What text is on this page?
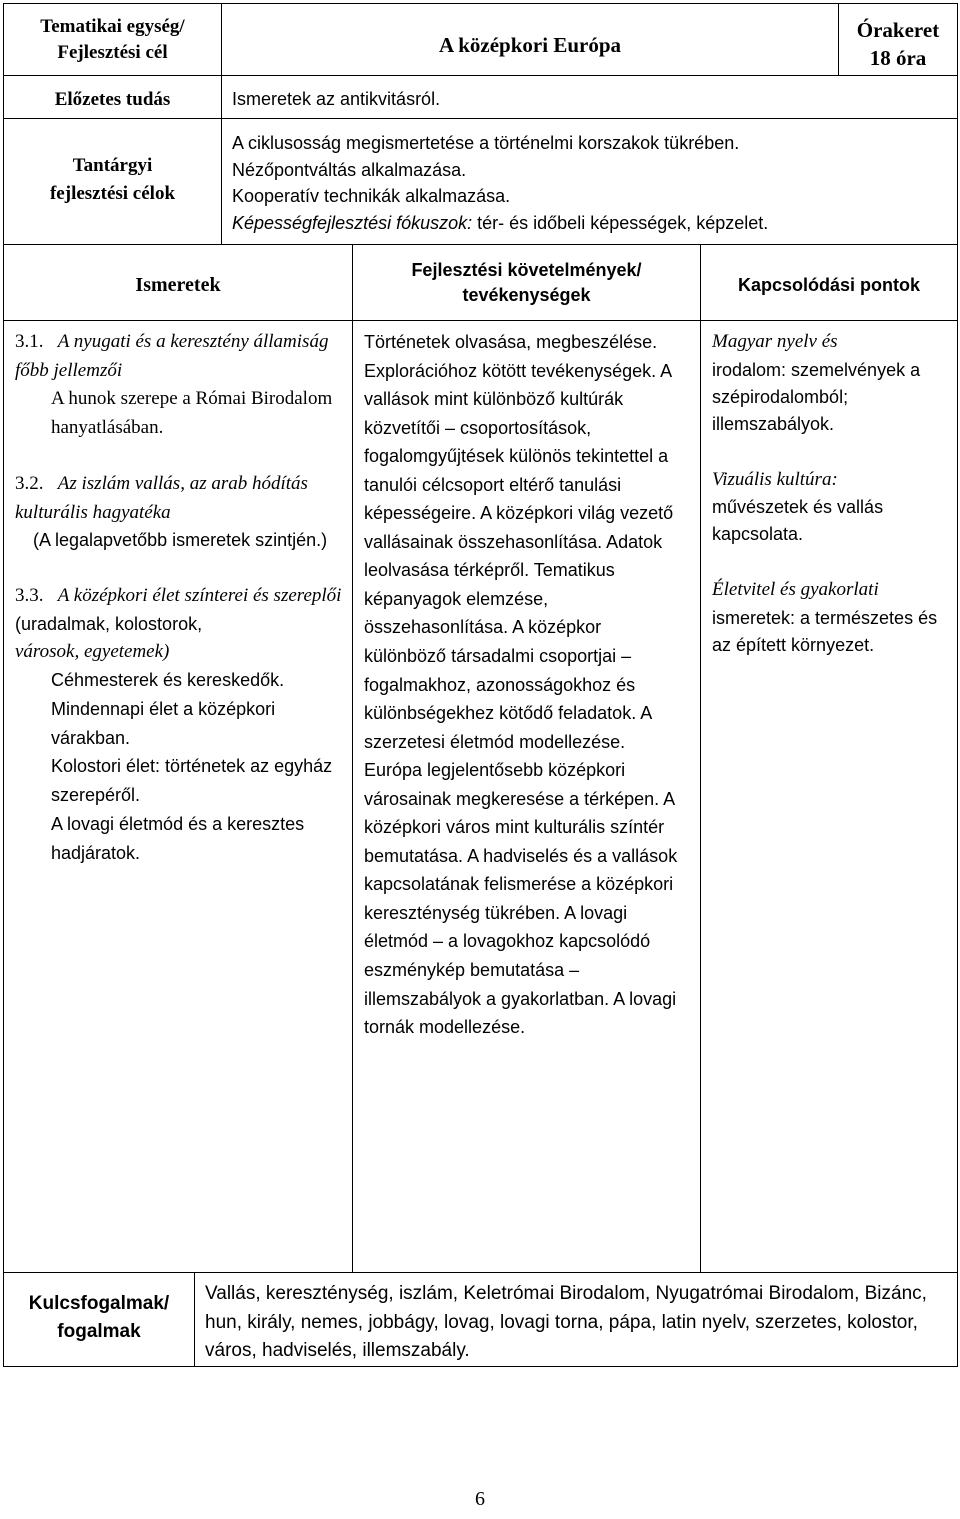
Tematikai egység/
Fejlesztési cél	A középkori Európa
Órakeret
18 óra
Előzetes tudás	Ismeretek az antikvitásról.
Tantárgyi
fejlesztési célok
A ciklusosság megismertetése a történelmi korszakok tükrében.
Nézőpontváltás alkalmazása.
Kooperatív technikák alkalmazása.
Képességfejlesztési fókuszok: tér- és időbeli képességek, képzelet.
Ismeretek
Fejlesztési követelmények/
tevékenységek
Kapcsolódási pontok
3.1. A nyugati és a keresztény államiság főbb jellemzői
A hunok szerepe a Római Birodalom hanyatlásában.
3.2. Az iszlám vallás, az arab hódítás kulturális hagyatéka
(A legalapvetőbb ismeretek szintjén.)
3.3. A középkori élet színterei és szereplői
(uradalmak, kolostorok,
városok, egyetemek)
Céhmesterek és kereskedők.
Mindennapi élet a középkori várakban.
Kolostori élet: történetek az egyház szerepéről.
A lovagi életmód és a keresztes hadjáratok.
Történetek olvasása, megbeszélése. Explorációhoz kötött tevékenységek. A vallások mint különböző kultúrák közvetítői – csoportosítások, fogalomgyűjtések különös tekintettel a tanulói célcsoport eltérő tanulási képességeire. A középkori világ vezető vallásainak összehasonlítása. Adatok leolvasása térképről. Tematikus képanyagok elemzése, összehasonlítása. A középkor különböző társadalmi csoportjai – fogalmakhoz, azonosságokhoz és különbségekhez kötődő feladatok. A szerzetesi életmód modellezése. Európa legjelentősebb középkori városainak megkeresése a térképen. A középkori város mint kulturális színtér bemutatása. A hadviselés és a vallások kapcsolatának felismerése a középkori kereszténység tükrében. A lovagi életmód – a lovagokhoz kapcsolódó eszménykép bemutatása – illemszabályok a gyakorlatban. A lovagi tornák modellezése.
Magyar nyelv és
irodalom: szemelvények a szépirodalomból; illemszabályok.
Vizuális kultúra:
művészetek és vallás kapcsolata.
Életvitel és gyakorlati
ismeretek: a természetes és az épített környezet.
Kulcsfogalmak/
fogalmak
Vallás, kereszténység, iszlám, Keletrómai Birodalom, Nyugatrómai Birodalom, Bizánc, hun, király, nemes, jobbágy, lovag, lovagi torna, pápa, latin nyelv, szerzetes, kolostor, város, hadviselés, illemszabály.
6
